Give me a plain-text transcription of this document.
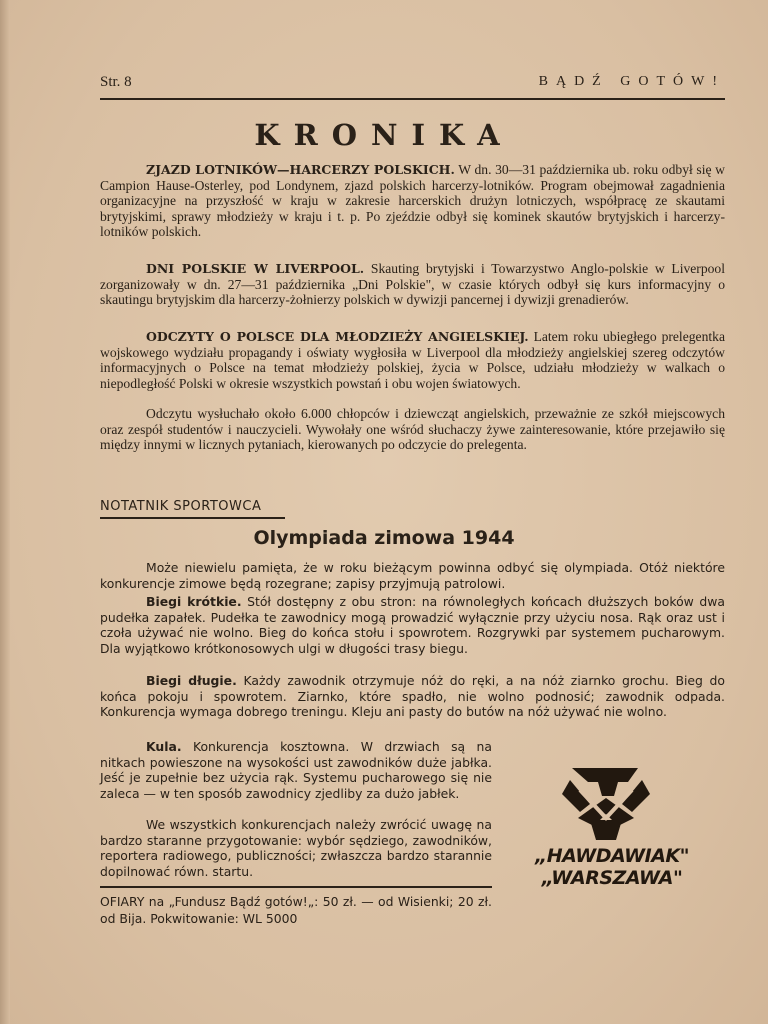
Str. 8	BĄDŹ GOTÓW!
KRONIKA

ZJAZD LOTNIKÓW—HARCERZY POLSKICH. W dn. 30—31 października ub. roku odbył się w Campion Hause-Osterley, pod Londynem, zjazd polskich harcerzy-lotników. Program obejmował zagadnienia organizacyjne na przyszłość w kraju w zakresie harcerskich drużyn lotniczych, współpracę ze skautami brytyjskimi, sprawy młodzieży w kraju i t. p. Po zjeździe odbył się kominek skautów brytyjskich i harcerzy-lotników polskich.

DNI POLSKIE W LIVERPOOL. Skauting brytyjski i Towarzystwo Anglo-polskie w Liverpool zorganizowały w dn. 27—31 października „Dni Polskie", w czasie których odbył się kurs informacyjny o skautingu brytyjskim dla harcerzy-żołnierzy polskich w dywizji pancernej i dywizji grenadierów.

ODCZYTY O POLSCE DLA MŁODZIEŻY ANGIELSKIEJ. Latem roku ubiegłego prelegentka wojskowego wydziału propagandy i oświaty wygłosiła w Liverpool dla młodzieży angielskiej szereg odczytów informacyjnych o Polsce na temat młodzieży polskiej, życia w Polsce, udziału młodzieży w walkach o niepodległość Polski w okresie wszystkich powstań i obu wojen światowych.

Odczytu wysłuchało około 6.000 chłopców i dziewcząt angielskich, przeważnie ze szkół miejscowych oraz zespół studentów i nauczycieli. Wywołały one wśród słuchaczy żywe zainteresowanie, które przejawiło się między innymi w licznych pytaniach, kierowanych po odczycie do prelegenta.

NOTATNIK SPORTOWCA
Olympiada zimowa 1944

Może niewielu pamięta, że w roku bieżącym powinna odbyć się olympiada. Otóż niektóre konkurencje zimowe będą rozegrane; zapisy przyjmują patrolowi.

Biegi krótkie. Stół dostępny z obu stron: na równoległych końcach dłuższych boków dwa pudełka zapałek. Pudełka te zawodnicy mogą prowadzić wyłącznie przy użyciu nosa. Rąk oraz ust i czoła używać nie wolno. Bieg do końca stołu i spowrotem. Rozgrywki par systemem pucharowym. Dla wyjątkowo krótkonosowych ulgi w długości trasy biegu.

Biegi długie. Każdy zawodnik otrzymuje nóż do ręki, a na nóż ziarnko grochu. Bieg do końca pokoju i spowrotem. Ziarnko, które spadło, nie wolno podnosić; zawodnik odpada. Konkurencja wymaga dobrego treningu. Kleju ani pasty do butów na nóż używać nie wolno.

Kula. Konkurencja kosztowna. W drzwiach są na nitkach powieszone na wysokości ust zawodników duże jabłka. Jeść je zupełnie bez użycia rąk. Systemu pucharowego się nie zaleca — w ten sposób zawodnicy zjedliby za dużo jabłek.

We wszystkich konkurencjach należy zwrócić uwagę na bardzo staranne przygotowanie: wybór sędziego, zawodników, reportera radiowego, publiczności; zwłaszcza bardzo starannie dopilnować równ. startu.

„HAWDAWIAK"
„WARSZAWA"

OFIARY na „Fundusz Bądź gotów!„: 50 zł. — od Wisienki; 20 zł. od Bija. Pokwitowanie: WL 5000
